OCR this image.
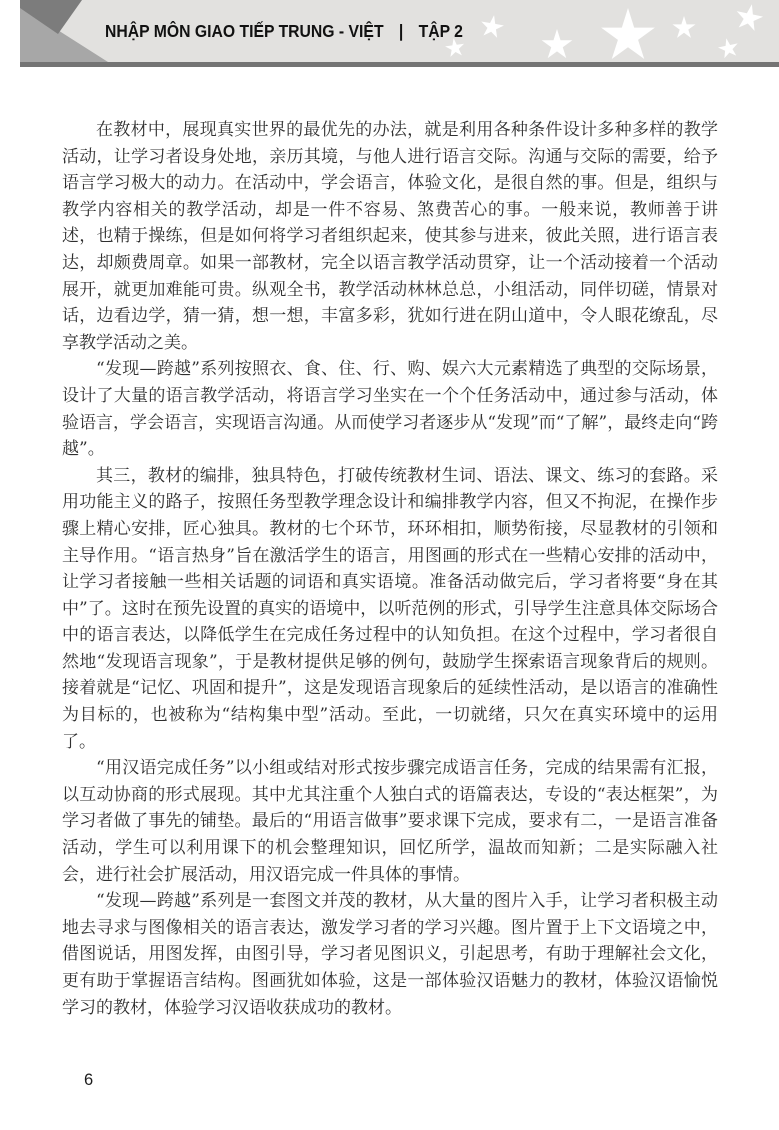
NHẬP MÔN GIAO TIẾP TRUNG - VIỆT | TẬP 2

在教材中，展现真实世界的最优先的办法，就是利用各种条件设计多种多样的教学活动，让学习者设身处地，亲历其境，与他人进行语言交际。沟通与交际的需要，给予语言学习极大的动力。在活动中，学会语言，体验文化，是很自然的事。但是，组织与教学内容相关的教学活动，却是一件不容易、煞费苦心的事。一般来说，教师善于讲述，也精于操练，但是如何将学习者组织起来，使其参与进来，彼此关照，进行语言表达，却颇费周章。如果一部教材，完全以语言教学活动贯穿，让一个活动接着一个活动展开，就更加难能可贵。纵观全书，教学活动林林总总，小组活动，同伴切磋，情景对话，边看边学，猜一猜，想一想，丰富多彩，犹如行进在阴山道中，令人眼花缭乱，尽享教学活动之美。

“发现—跨越”系列按照衣、食、住、行、购、娱六大元素精选了典型的交际场景，设计了大量的语言教学活动，将语言学习坐实在一个个任务活动中，通过参与活动，体验语言，学会语言，实现语言沟通。从而使学习者逐步从“发现”而“了解”，最终走向“跨越”。

其三，教材的编排，独具特色，打破传统教材生词、语法、课文、练习的套路。采用功能主义的路子，按照任务型教学理念设计和编排教学内容，但又不拘泥，在操作步骤上精心安排，匠心独具。教材的七个环节，环环相扣，顺势衔接，尽显教材的引领和主导作用。“语言热身”旨在激活学生的语言，用图画的形式在一些精心安排的活动中，让学习者接触一些相关话题的词语和真实语境。准备活动做完后，学习者将要“身在其中”了。这时在预先设置的真实的语境中，以听范例的形式，引导学生注意具体交际场合中的语言表达，以降低学生在完成任务过程中的认知负担。在这个过程中，学习者很自然地“发现语言现象”，于是教材提供足够的例句，鼓励学生探索语言现象背后的规则。接着就是“记忆、巩固和提升”，这是发现语言现象后的延续性活动，是以语言的准确性为目标的，也被称为“结构集中型”活动。至此，一切就绪，只欠在真实环境中的运用了。

“用汉语完成任务”以小组或结对形式按步骤完成语言任务，完成的结果需有汇报，以互动协商的形式展现。其中尤其注重个人独白式的语篇表达，专设的“表达框架”，为学习者做了事先的铺垫。最后的“用语言做事”要求课下完成，要求有二，一是语言准备活动，学生可以利用课下的机会整理知识，回忆所学，温故而知新；二是实际融入社会，进行社会扩展活动，用汉语完成一件具体的事情。

“发现—跨越”系列是一套图文并茂的教材，从大量的图片入手，让学习者积极主动地去寻求与图像相关的语言表达，激发学习者的学习兴趣。图片置于上下文语境之中，借图说话，用图发挥，由图引导，学习者见图识义，引起思考，有助于理解社会文化，更有助于掌握语言结构。图画犹如体验，这是一部体验汉语魅力的教材，体验汉语愉悦学习的教材，体验学习汉语收获成功的教材。

6
